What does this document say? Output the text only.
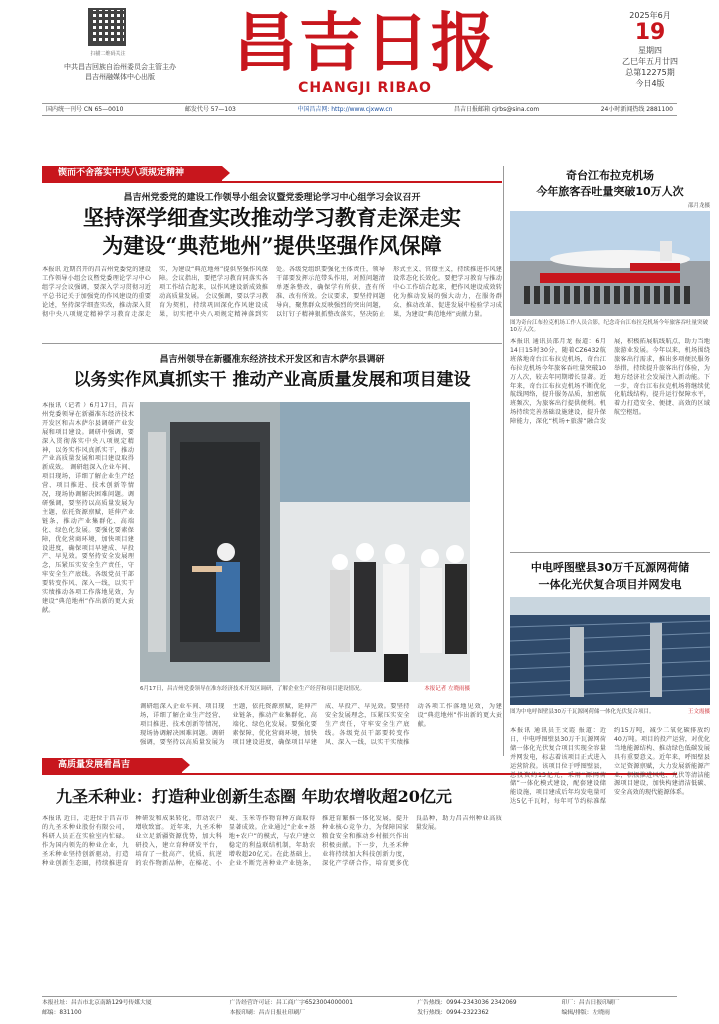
扫描二维码关注
中共昌吉回族自治州委员会主管主办
昌吉州融媒体中心出版	昌吉日报
CHANGJI RIBAO
2025年6月
19
星期四
乙巳年五月廿四
总第12275期
今日4版
国内统一刊号 CN 65—0010	邮发代号 57—103	中国昌吉网: http://www.cjxww.cn	昌吉日报邮箱 cjrbs@sina.com	24小时新闻热线 2881100
锲而不舍落实中央八项规定精神
昌吉州党委党的建设工作领导小组会议暨党委理论学习中心组学习会议召开
坚持深学细查实改推动学习教育走深走实
为建设“典范地州”提供坚强作风保障
本报讯 近期召开的昌吉州党委党的建设工作领导小组会议暨党委理论学习中心组学习会议强调，要深入学习贯彻习近平总书记关于加强党的作风建设的重要论述，坚持深学细查实改，推动深入贯彻中央八项规定精神学习教育走深走实，为建设“典范地州”提供坚强作风保障。会议指出，要把学习教育同落实各项工作结合起来，以作风建设新成效推动高质量发展。 会议强调，要以学习教育为契机，持续巩固深化作风建设成果，切实把中央八项规定精神落到实处。各级党组织要强化主体责任，领导干部要发挥示范带头作用，对照问题清单逐条整改，确保学有所获、查有所准、改有所效。会议要求，要坚持问题导向，聚焦群众反映强烈的突出问题，以钉钉子精神狠抓整改落实，坚决防止形式主义、官僚主义，持续推进作风建设常态化长效化。要把学习教育与推动中心工作结合起来，把作风建设成效转化为推动发展的强大动力，在服务群众、推动改革、促进发展中检验学习成果，为建设“典范地州”贡献力量。
昌吉州领导在新疆准东经济技术开发区和吉木萨尔县调研
以务实作风真抓实干 推动产业高质量发展和项目建设
本报讯（记者 ）6月17日，昌吉州党委领导在新疆准东经济技术开发区和吉木萨尔县调研产业发展和项目建设。调研中强调，要深入贯彻落实中央八项规定精神，以务实作风真抓实干，推动产业高质量发展和项目建设取得新成效。 调研组深入企业车间、项目现场，详细了解企业生产经营、项目推进、技术创新等情况，现场协调解决困难问题。调研强调，要坚持以高质量发展为主题，依托资源禀赋，延伸产业链条，推动产业集群化、高端化、绿色化发展。要强化要素保障，优化营商环境，加快项目建设进度，确保项目早建成、早投产、早见效。要坚持安全发展理念，压紧压实安全生产责任，守牢安全生产底线。各级党员干部要转变作风、深入一线，以实干实绩推动各项工作落地见效，为建设“典范地州”作出新的更大贡献。
6月17日，昌吉州党委领导在准东经济技术开发区调研，了解企业生产经营和项目建设情况。	本报记者 左晓雨摄
调研组深入企业车间、项目现场，详细了解企业生产经营、项目推进、技术创新等情况，现场协调解决困难问题。调研强调，要坚持以高质量发展为主题，依托资源禀赋，延伸产业链条，推动产业集群化、高端化、绿色化发展。要强化要素保障，优化营商环境，加快项目建设进度，确保项目早建成、早投产、早见效。要坚持安全发展理念，压紧压实安全生产责任，守牢安全生产底线。各级党员干部要转变作风、深入一线，以实干实绩推动各项工作落地见效，为建设“典范地州”作出新的更大贡献。
高质量发展看昌吉
九圣禾种业：打造种业创新生态圈 年助农增收超20亿元
本报讯 近日，走进位于昌吉市的九圣禾种业股份有限公司，科研人员正在实验室内忙碌。作为国内领先的种业企业，九圣禾种业坚持创新驱动，打造种业创新生态圈，持续推进育种研发和成果转化，带动农户增收致富。 近年来，九圣禾种业立足新疆资源优势，加大科研投入，建立育种研发平台，培育了一批高产、优质、抗逆的农作物新品种，在棉花、小麦、玉米等作物育种方面取得显著成效。企业通过“企业+基地+农户”的模式，与农户建立稳定的利益联结机制，年助农增收超20亿元。在此基础上，企业不断完善种业产业链条，推进育繁推一体化发展，提升种业核心竞争力，为保障国家粮食安全和推动乡村振兴作出积极贡献。下一步，九圣禾种业将持续加大科技创新力度，深化产学研合作，培育更多优良品种，助力昌吉州种业高质量发展。
奇台江布拉克机场
今年旅客吞吐量突破10万人次
邵月龙摄
图为奇台江布拉克机场工作人员合影，纪念奇台江布拉克机场今年旅客吞吐量突破10万人次。
本报讯 通讯员邵月龙 报道：6月14日15时30分，随着CZ6432航班落地奇台江布拉克机场，奇台江布拉克机场今年旅客吞吐量突破10万人次，较去年同期增长显著。近年来，奇台江布拉克机场不断优化航线网络，提升服务品质，加密航班频次，为旅客出行提供便利。机场持续完善基础设施建设，提升保障能力，深化“机场+旅游”融合发展，积极拓展航线航点，助力当地旅游业发展。今年以来，机场围绕旅客出行需求，推出多项便民服务举措，持续提升旅客出行体验，为地方经济社会发展注入新动能。下一步，奇台江布拉克机场将继续优化航线结构，提升运行保障水平，着力打造安全、便捷、高效的区域航空枢纽。
中电呼图壁县30万千瓦源网荷储
一体化光伏复合项目并网发电
图为中电呼图壁县30万千瓦源网荷储一体化光伏复合项目。	王文霞摄
本报讯 通讯员王文霞 报道：近日，中电呼图壁县30万千瓦源网荷储一体化光伏复合项目实现全容量并网发电，标志着该项目正式进入运营阶段。该项目位于呼图壁县，总投资约13亿元，采用“源网荷储”一体化模式建设，配套建设储能设施，项目建成后年均发电量可达5亿千瓦时，每年可节约标准煤约15万吨，减少二氧化碳排放约40万吨。项目的投产运营，对优化当地能源结构、推动绿色低碳发展具有重要意义。近年来，呼图壁县立足资源禀赋，大力发展新能源产业，积极推进风电、光伏等清洁能源项目建设，加快构建清洁低碳、安全高效的现代能源体系。
本报社址：昌吉市北京南路129号传媒大厦	广告经营许可证：昌工商广字6523004000001	广告热线：0994-2343036 2342069	印厂：昌吉日报印刷厂
邮编：831100	本报印刷：昌吉日报社印刷厂	发行热线：0994-2322362	编辑/排版：左晓雨
